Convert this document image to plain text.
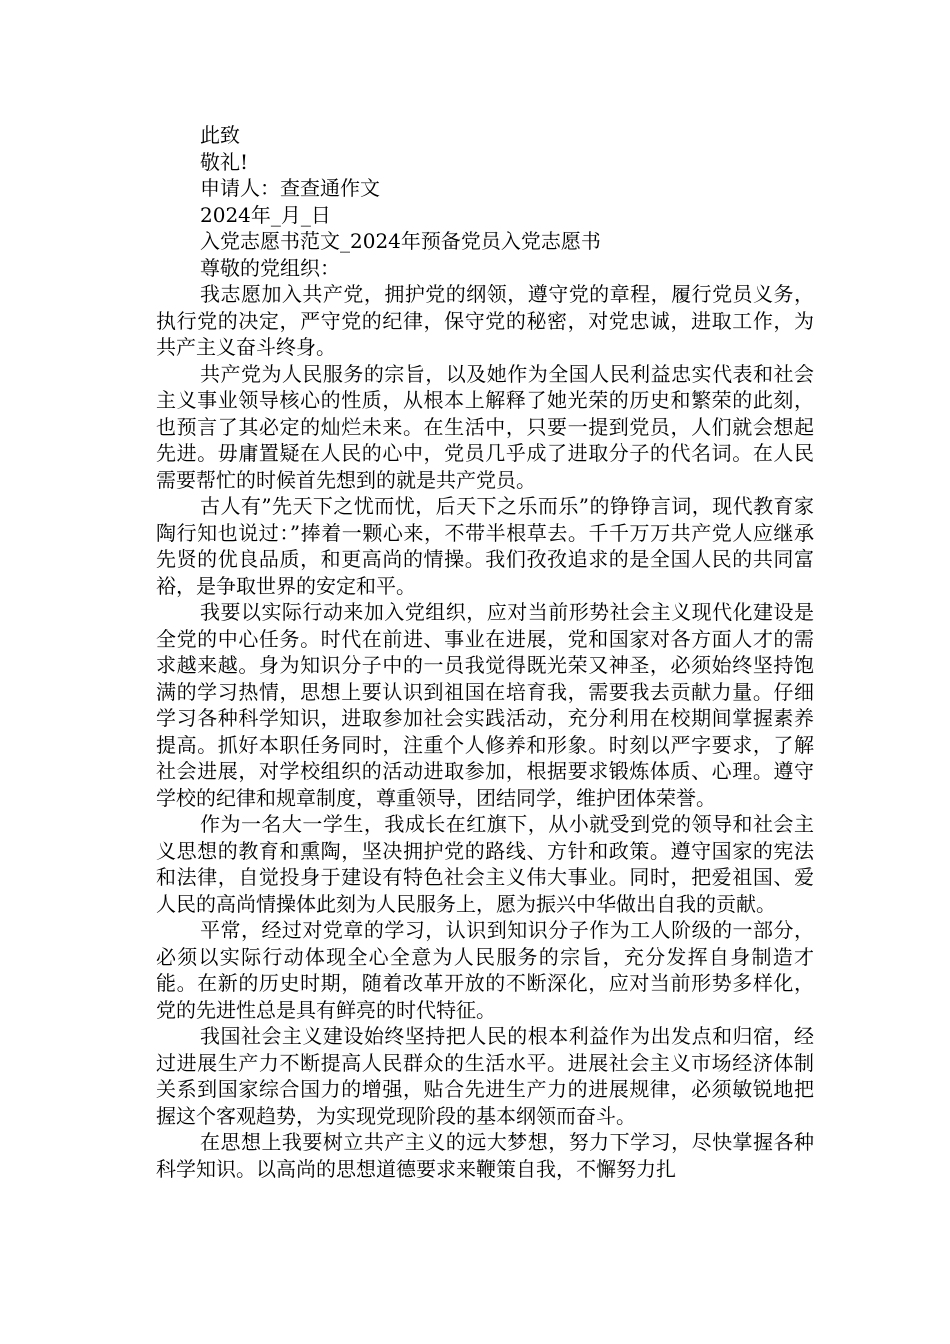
此致

敬礼!

申请人：查查通作文

2024年_月_日

入党志愿书范文_2024年预备党员入党志愿书

尊敬的党组织：

我志愿加入共产党，拥护党的纲领，遵守党的章程，履行党员义务，执行党的决定，严守党的纪律，保守党的秘密，对党忠诚，进取工作，为共产主义奋斗终身。

共产党为人民服务的宗旨，以及她作为全国人民利益忠实代表和社会主义事业领导核心的性质，从根本上解释了她光荣的历史和繁荣的此刻，也预言了其必定的灿烂未来。在生活中，只要一提到党员，人们就会想起先进。毋庸置疑在人民的心中，党员几乎成了进取分子的代名词。在人民需要帮忙的时候首先想到的就是共产党员。

古人有”先天下之忧而忧，后天下之乐而乐”的铮铮言词，现代教育家陶行知也说过：”捧着一颗心来，不带半根草去。千千万万共产党人应继承先贤的优良品质，和更高尚的情操。我们孜孜追求的是全国人民的共同富裕，是争取世界的安定和平。

我要以实际行动来加入党组织，应对当前形势社会主义现代化建设是全党的中心任务。时代在前进、事业在进展，党和国家对各方面人才的需求越来越。身为知识分子中的一员我觉得既光荣又神圣，必须始终坚持饱满的学习热情，思想上要认识到祖国在培育我，需要我去贡献力量。仔细学习各种科学知识，进取参加社会实践活动，充分利用在校期间掌握素养提高。抓好本职任务同时，注重个人修养和形象。时刻以严字要求，了解社会进展，对学校组织的活动进取参加，根据要求锻炼体质、心理。遵守学校的纪律和规章制度，尊重领导，团结同学，维护团体荣誉。

作为一名大一学生，我成长在红旗下，从小就受到党的领导和社会主义思想的教育和熏陶，坚决拥护党的路线、方针和政策。遵守国家的宪法和法律，自觉投身于建设有特色社会主义伟大事业。同时，把爱祖国、爱人民的高尚情操体此刻为人民服务上，愿为振兴中华做出自我的贡献。

平常，经过对党章的学习，认识到知识分子作为工人阶级的一部分，必须以实际行动体现全心全意为人民服务的宗旨，充分发挥自身制造才能。在新的历史时期，随着改革开放的不断深化，应对当前形势多样化，党的先进性总是具有鲜亮的时代特征。

我国社会主义建设始终坚持把人民的根本利益作为出发点和归宿，经过进展生产力不断提高人民群众的生活水平。进展社会主义市场经济体制关系到国家综合国力的增强，贴合先进生产力的进展规律，必须敏锐地把握这个客观趋势，为实现党现阶段的基本纲领而奋斗。

在思想上我要树立共产主义的远大梦想，努力下学习，尽快掌握各种科学知识。以高尚的思想道德要求来鞭策自我，不懈努力扎
